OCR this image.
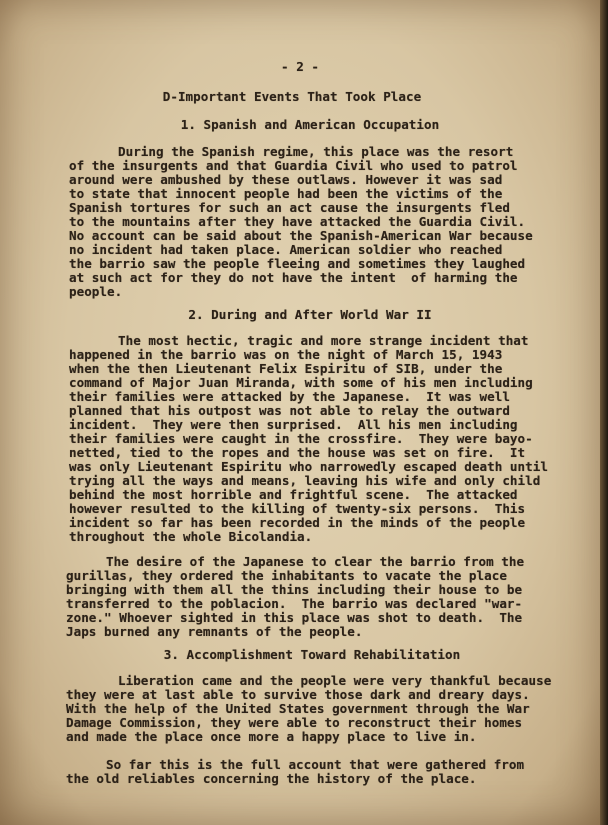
- 2 -
D-Important Events That Took Place
1. Spanish and American Occupation
During the Spanish regime, this place was the resort
of the insurgents and that Guardia Civil who used to patrol
around were ambushed by these outlaws. However it was sad
to state that innocent people had been the victims of the
Spanish tortures for such an act cause the insurgents fled
to the mountains after they have attacked the Guardia Civil.
No account can be said about the Spanish-American War because
no incident had taken place. American soldier who reached
the barrio saw the people fleeing and sometimes they laughed
at such act for they do not have the intent  of harming the
people.
2. During and After World War II
The most hectic, tragic and more strange incident that
happened in the barrio was on the night of March 15, 1943
when the then Lieutenant Felix Espiritu of SIB, under the
command of Major Juan Miranda, with some of his men including
their families were attacked by the Japanese.  It was well
planned that his outpost was not able to relay the outward
incident.  They were then surprised.  All his men including
their families were caught in the crossfire.  They were bayo-
netted, tied to the ropes and the house was set on fire.  It
was only Lieutenant Espiritu who narrowedly escaped death until
trying all the ways and means, leaving his wife and only child
behind the most horrible and frightful scene.  The attacked
however resulted to the killing of twenty-six persons.  This
incident so far has been recorded in the minds of the people
throughout the whole Bicolandia.
The desire of the Japanese to clear the barrio from the
gurillas, they ordered the inhabitants to vacate the place
bringing with them all the thins including their house to be
transferred to the poblacion.  The barrio was declared "war-
zone." Whoever sighted in this place was shot to death.  The
Japs burned any remnants of the people.
3. Accomplishment Toward Rehabilitation
Liberation came and the people were very thankful because
they were at last able to survive those dark and dreary days.
With the help of the United States government through the War
Damage Commission, they were able to reconstruct their homes
and made the place once more a happy place to live in.
So far this is the full account that were gathered from
the old reliables concerning the history of the place.
